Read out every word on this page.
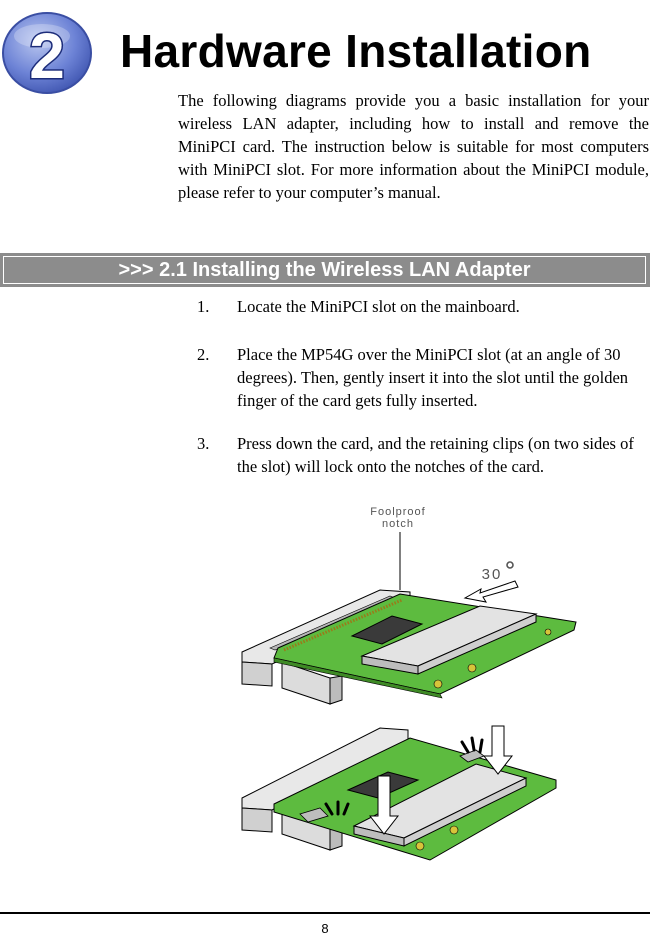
2 Hardware Installation

The following diagrams provide you a basic installation for your wireless LAN adapter, including how to install and remove the MiniPCI card. The instruction below is suitable for most computers with MiniPCI slot. For more information about the MiniPCI module, please refer to your computer’s manual.

>>> 2.1 Installing the Wireless LAN Adapter
1. Locate the MiniPCI slot on the mainboard.
2. Place the MP54G over the MiniPCI slot (at an angle of 30 degrees). Then, gently insert it into the slot until the golden finger of the card gets fully inserted.
3. Press down the card, and the retaining clips (on two sides of the slot) will lock onto the notches of the card.
Foolproof
notch
30
8
